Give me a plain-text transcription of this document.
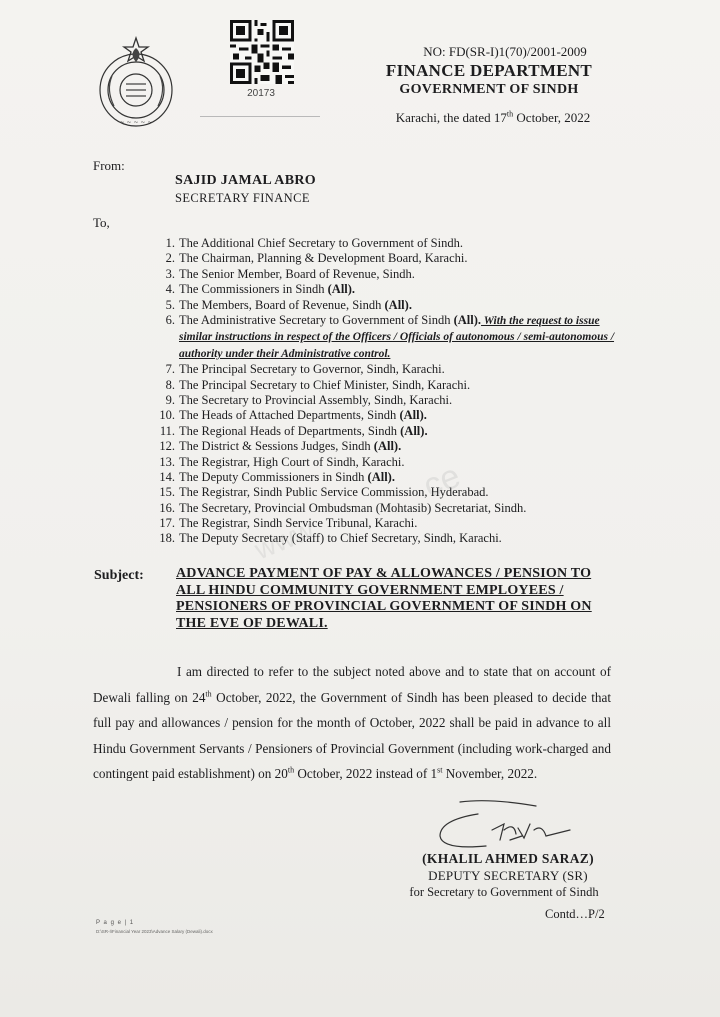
~ ~ ~ ~ ~
20173
NO: FD(SR-I)1(70)/2001-2009
FINANCE DEPARTMENT
GOVERNMENT OF SINDH
Karachi, the dated 17th October, 2022
From:
SAJID JAMAL ABRO
SECRETARY FINANCE
To,
1. The Additional Chief Secretary to Government of Sindh.
2. The Chairman, Planning & Development Board, Karachi.
3. The Senior Member, Board of Revenue, Sindh.
4. The Commissioners in Sindh (All).
5. The Members, Board of Revenue, Sindh (All).
6. The Administrative Secretary to Government of Sindh (All). With the request to issue similar instructions in respect of the Officers / Officials of autonomous / semi-autonomous / authority under their Administrative control.
7. The Principal Secretary to Governor, Sindh, Karachi.
8. The Principal Secretary to Chief Minister, Sindh, Karachi.
9. The Secretary to Provincial Assembly, Sindh, Karachi.
10. The Heads of Attached Departments, Sindh (All).
11. The Regional Heads of Departments, Sindh (All).
12. The District & Sessions Judges, Sindh (All).
13. The Registrar, High Court of Sindh, Karachi.
14. The Deputy Commissioners in Sindh (All).
15. The Registrar, Sindh Public Service Commission, Hyderabad.
16. The Secretary, Provincial Ombudsman (Mohtasib) Secretariat, Sindh.
17. The Registrar, Sindh Service Tribunal, Karachi.
18. The Deputy Secretary (Staff) to Chief Secretary, Sindh, Karachi.
ce
www
Subject: ADVANCE PAYMENT OF PAY & ALLOWANCES / PENSION TO ALL HINDU COMMUNITY GOVERNMENT EMPLOYEES / PENSIONERS OF PROVINCIAL GOVERNMENT OF SINDH ON THE EVE OF DEWALI.
I am directed to refer to the subject noted above and to state that on account of Dewali falling on 24th October, 2022, the Government of Sindh has been pleased to decide that full pay and allowances / pension for the month of October, 2022 shall be paid in advance to all Hindu Government Servants / Pensioners of Provincial Government (including work-charged and contingent paid establishment) on 20th October, 2022 instead of 1st November, 2022.
(KHALIL AHMED SARAZ)
DEPUTY SECRETARY (SR)
for Secretary to Government of Sindh
Contd…P/2
P a g e | 1
D:\SR-I\Financial Year 2023\Advance Salary (Dewali).docx
